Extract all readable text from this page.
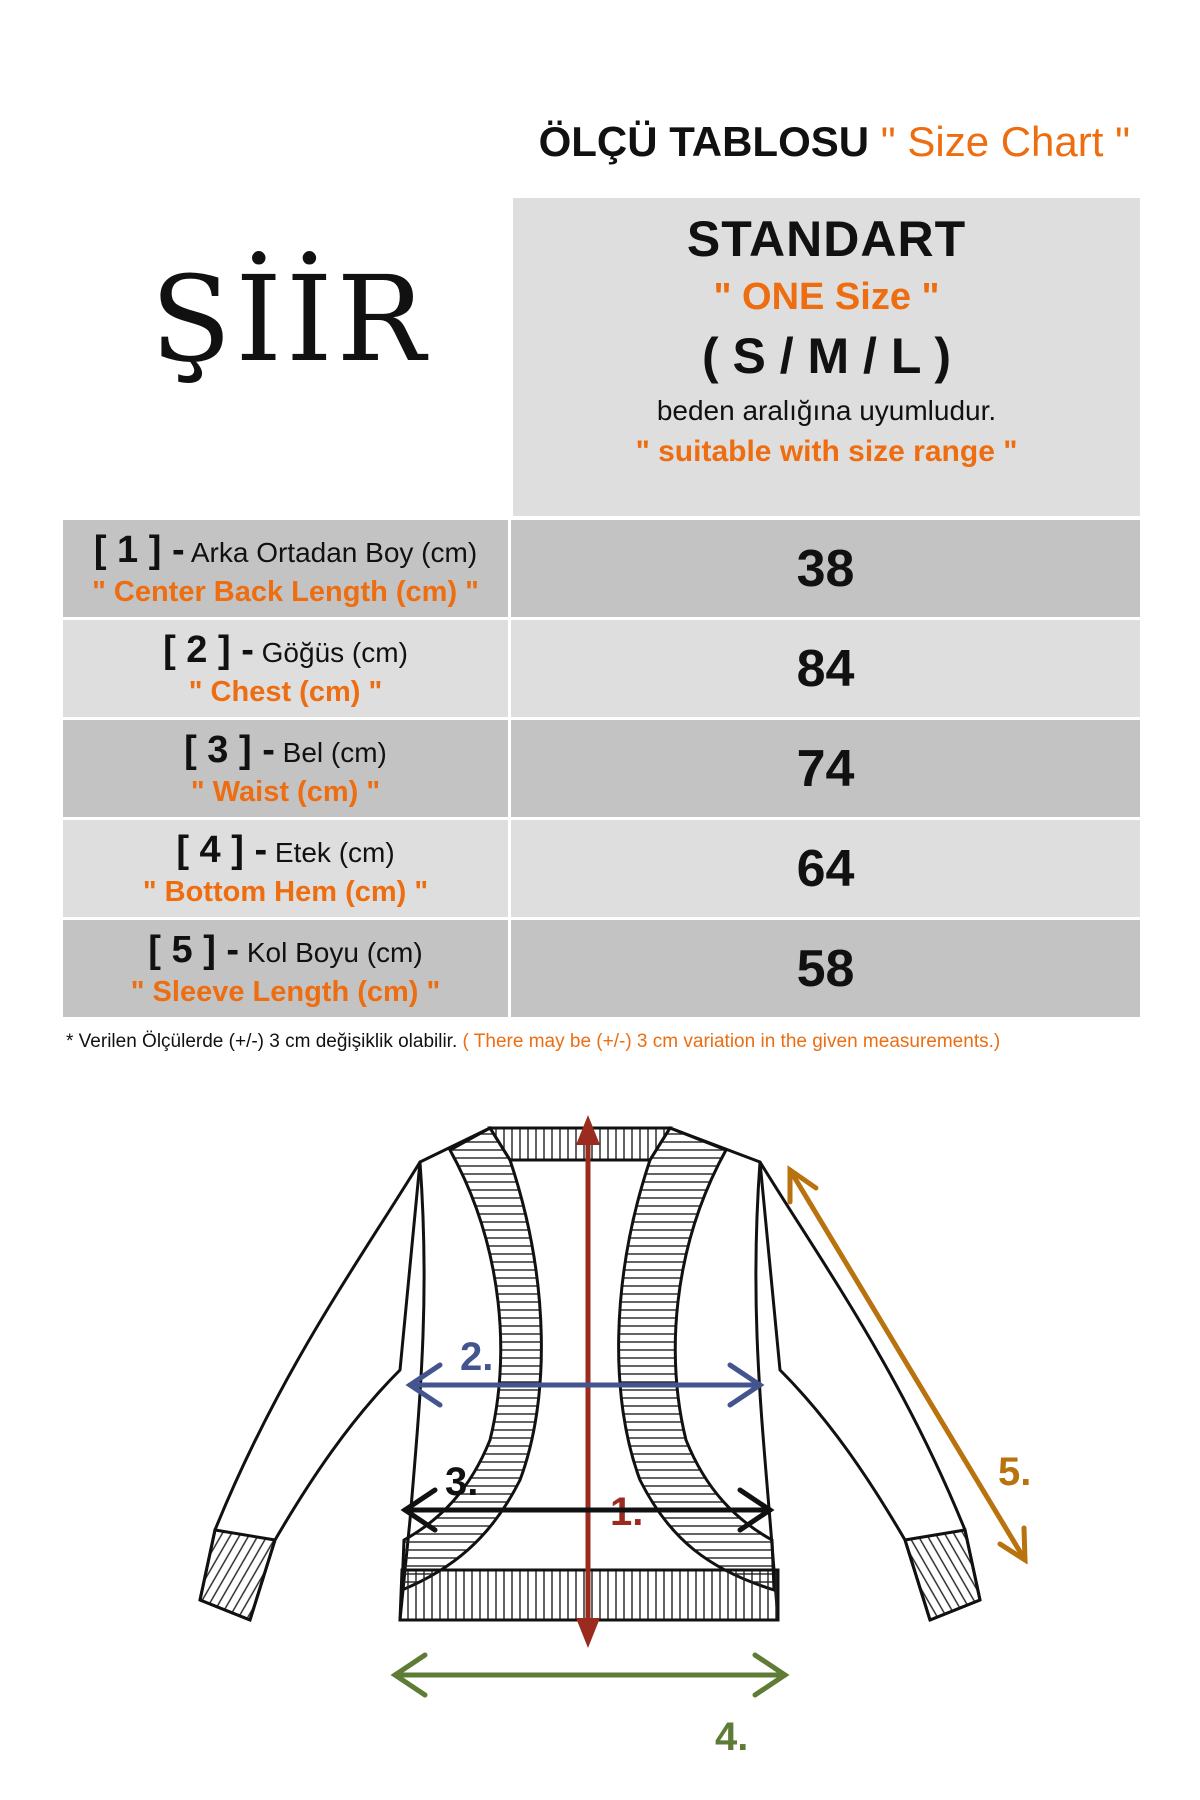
ÖLÇÜ TABLOSU " Size Chart "
ŞİİR
STANDART
" ONE Size "
( S / M / L )
beden aralığına uyumludur.
" suitable with size range "
[ 1 ] - Arka Ortadan Boy (cm)
" Center Back Length (cm) "	38
[ 2 ] - Göğüs (cm)
" Chest (cm) "	84
[ 3 ] - Bel (cm)
" Waist (cm) "	74
[ 4 ] - Etek (cm)
" Bottom Hem (cm) "	64
[ 5 ] - Kol Boyu (cm)
" Sleeve Length (cm) "	58
* Verilen Ölçülerde (+/-) 3 cm değişiklik olabilir. ( There may be (+/-) 3 cm variation in the given measurements.)
1.
2.
3.
4.
5.
